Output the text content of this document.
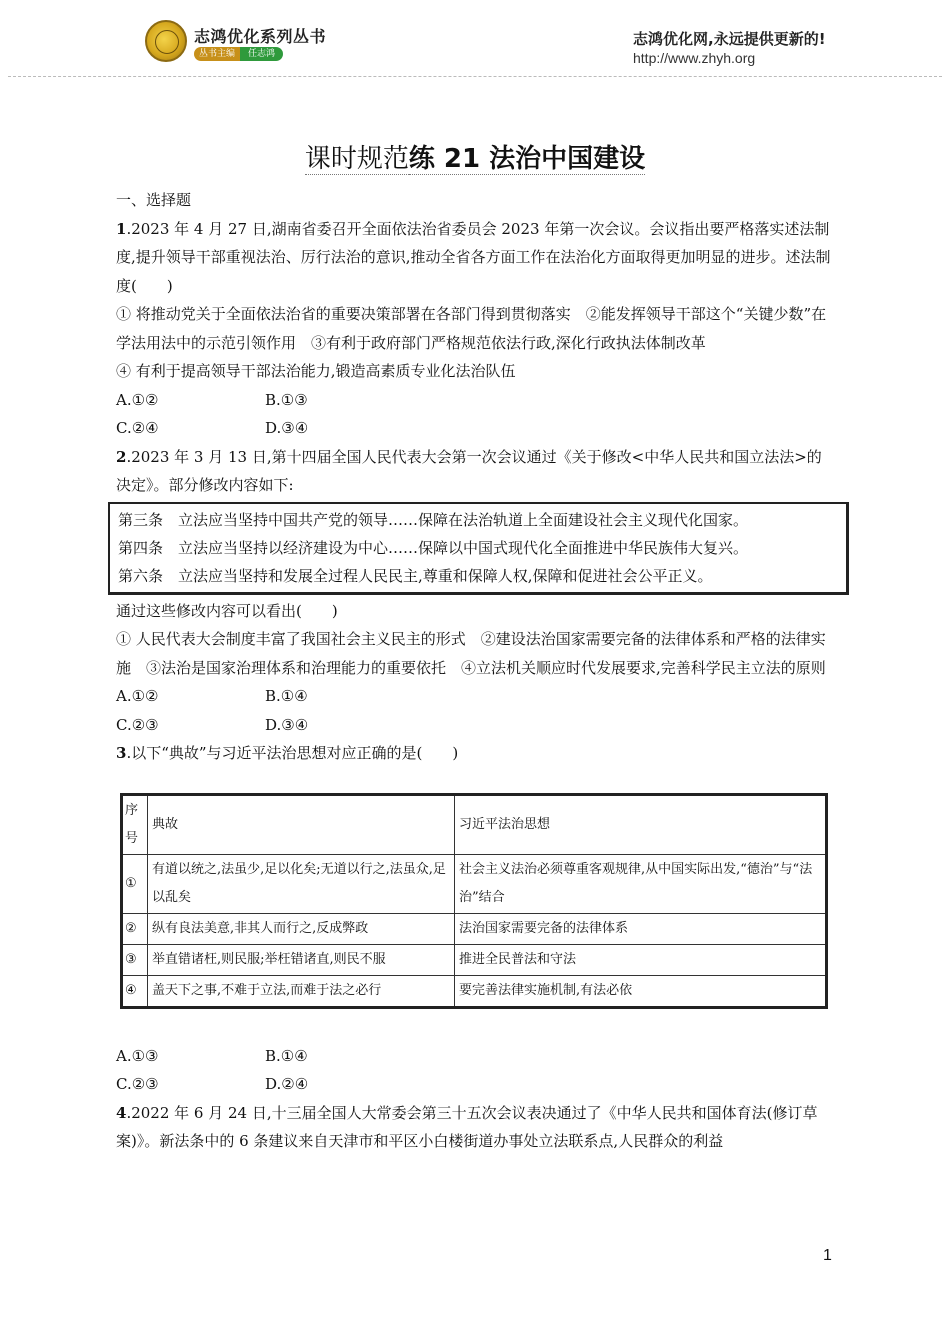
志鸿优化系列丛书
丛书主编	任志鸿
志鸿优化网,永远提供更新的!
http://www.zhyh.org
课时规范练 21 法治中国建设

一、选择题

1.2023 年 4 月 27 日,湖南省委召开全面依法治省委员会 2023 年第一次会议。会议指出要严格落实述法制度,提升领导干部重视法治、厉行法治的意识,推动全省各方面工作在法治化方面取得更加明显的进步。述法制度(　　)

① 将推动党关于全面依法治省的重要决策部署在各部门得到贯彻落实　②能发挥领导干部这个“关键少数”在学法用法中的示范引领作用　③有利于政府部门严格规范依法行政,深化行政执法体制改革

④ 有利于提高领导干部法治能力,锻造高素质专业化法治队伍

A.①②	B.①③
C.②④	D.③④

2.2023 年 3 月 13 日,第十四届全国人民代表大会第一次会议通过《关于修改<中华人民共和国立法法>的决定》。部分修改内容如下:

第三条　立法应当坚持中国共产党的领导……保障在法治轨道上全面建设社会主义现代化国家。

第四条　立法应当坚持以经济建设为中心……保障以中国式现代化全面推进中华民族伟大复兴。

第六条　立法应当坚持和发展全过程人民民主,尊重和保障人权,保障和促进社会公平正义。

通过这些修改内容可以看出(　　)

① 人民代表大会制度丰富了我国社会主义民主的形式　②建设法治国家需要完备的法律体系和严格的法律实施　③法治是国家治理体系和治理能力的重要依托　④立法机关顺应时代发展要求,完善科学民主立法的原则

A.①②	B.①④
C.②③	D.③④

3.以下“典故”与习近平法治思想对应正确的是(　　)

序号	典故	习近平法治思想
①	有道以统之,法虽少,足以化矣;无道以行之,法虽众,足以乱矣	社会主义法治必须尊重客观规律,从中国实际出发,“德治”与“法治”结合
②	纵有良法美意,非其人而行之,反成弊政	法治国家需要完备的法律体系
③	举直错诸枉,则民服;举枉错诸直,则民不服	推进全民普法和守法
④	盖天下之事,不难于立法,而难于法之必行	要完善法律实施机制,有法必依
A.①③	B.①④
C.②③	D.②④

4.2022 年 6 月 24 日,十三届全国人大常委会第三十五次会议表决通过了《中华人民共和国体育法(修订草案)》。新法条中的 6 条建议来自天津市和平区小白楼街道办事处立法联系点,人民群众的利益

1
